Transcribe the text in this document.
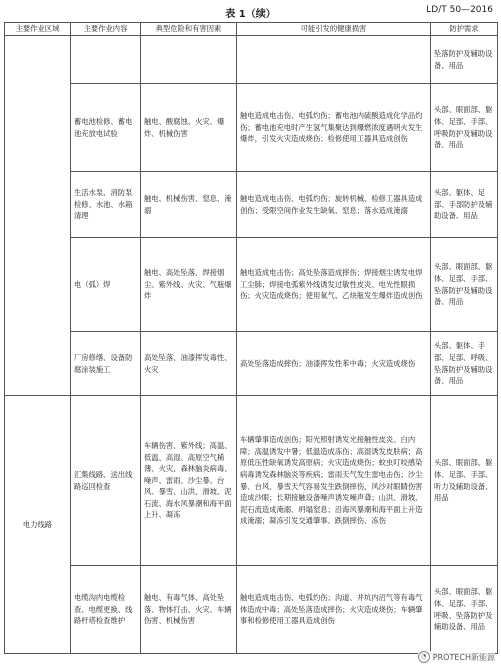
表 1（续）	LD/T 50—2016
主要作业区域	主要作业内容	典型危险和有害因素	可能引发的健康损害	防护需求
				坠落防护及辅助设备、用品
	蓄电池检修、蓄电池充放电试验	触电、酸腐蚀、火灾、爆炸、机械伤害	触电造成电击伤、电弧灼伤；蓄电池内硫酸造成化学品灼伤；蓄电池充电时产生氢气集聚达到爆燃浓度遇明火发生爆炸，引发火灾造成烧伤；检修使用工器具造成创伤	头部、眼面部、躯体、足部、手部、呼吸防护及辅助设备、用品
	生活水泵、消防泵检修、水池、水箱清理	触电、机械伤害、窒息、淹溺	触电造成电击伤、电弧灼伤；旋转机械、检修工器具造成创伤；受限空间作业发生缺氧、窒息；落水造成淹溺	头部、躯体、足部、手部防护及辅助设备、用品
	电（弧）焊	触电、高处坠落、焊接烟尘、紫外线、火灾、气瓶爆炸	触电造成电击伤；高处坠落造成摔伤；焊接烟尘诱发电焊工尘肺；焊接电弧紫外线诱发过敏性皮炎、电光性眼损伤；火灾造成烧伤；使用氧气、乙炔瓶发生爆炸造成创伤	头部、眼面部、躯体、足部、手部、坠落防护及辅助设备、用品
	厂房修缮、设备防腐涂装施工	高处坠落、油漆挥发毒性、火灾	高处坠落造成摔伤；油漆挥发性苯中毒；火灾造成烧伤	头部、躯体、手部、足部、呼吸、坠落防护及辅助设备、用品
电力线路	汇集线路、送出线路巡回检查	车辆伤害、紫外线；高温、低温、高湿、高原空气稀薄、火灾、森林脑炎病毒、噪声、雷雨、沙尘暴、台风、暴雪、山洪、滑坡、泥石流、海水风暴潮和海平面上升、凝冻	车辆肇事造成创伤；阳光照射诱发光接触性皮炎、白内障；高温诱发中暑；低温造成冻伤；高湿诱发皮肤病；高原低压性缺氧诱发高原病；火灾造成烧伤；蚊虫叮咬感染病毒诱发森林脑炎等疾病；雷雨天气发生雷电击伤；沙尘暴、台风、暴雪天气容易发生跌倒摔伤，风沙对眼睛伤害造成沙眼；长期接触设备噪声诱发噪声聋；山洪、滑坡、泥石流造成淹溺、坍塌窒息；沿海风暴潮和海平面上升造成淹溺；凝冻引发交通肇事、跌倒摔伤、冻伤	头部、眼面部、躯体、足部、手部、听力及辅助设备、用品
	电缆沟内电缆检查、电缆更换、线路杆塔检查维护	触电、有毒气体、高处坠落、物体打击、火灾、车辆伤害、机械伤害	触电造成电击伤、电弧灼伤；沟道、井坑内沼气等有毒气体造成中毒；高处坠落造成摔伤；火灾造成烧伤；车辆肇事和检修使用工器具造成创伤	头部、眼面部、躯体、足部、手部、呼吸、坠落防护及辅助设备、用品
◔ PROTECH新能源
